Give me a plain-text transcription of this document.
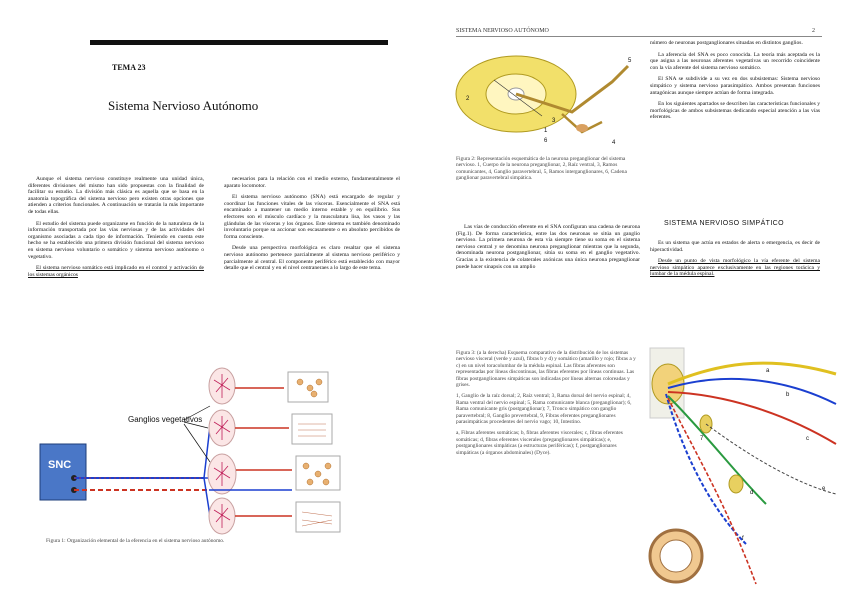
TEMA 23
Sistema Nervioso Autónomo

Aunque el sistema nervioso constituye realmente una unidad única, diferentes divisiones del mismo han sido propuestas con la finalidad de facilitar su estudio. La división más clásica es aquella que se basa en la anatomía topográfica del sistema nervioso pero existen otras opciones que atienden a criterios funcionales. A continuación se tratarán la más importante de todas ellas.

El estudio del sistema puede organizarse en función de la naturaleza de la información transportada por las vías nerviosas y de las actividades del organismo asociadas a cada tipo de información. Teniendo en cuenta este hecho se ha establecido una primera división funcional del sistema nervioso en sistema nervioso voluntario o somático y sistema nervioso autónomo o vegetativo.

El sistema nervioso somático está implicado en el control y activación de los sistemas orgánicos

necesarios para la relación con el medio externo, fundamentalmente el aparato locomotor.

El sistema nervioso autónomo (SNA) está encargado de regular y coordinar las funciones vitales de las vísceras. Esencialmente el SNA está encaminado a mantener un medio interno estable y en equilibrio. Sus efectores son el músculo cardíaco y la musculatura lisa, los vasos y las glándulas de las vísceras y los órganos. Este sistema es también denominado involuntario porque su accionar son escasamente o en absoluto percibidos de forma consciente.

Desde una perspectiva morfológica es claro resaltar que el sistema nervioso autónomo pertenece parcialmente al sistema nervioso periférico y parcialmente al central. El componente periférico está establecido con mayor detalle que el central y en el nivel centraneraes a lo largo de este tema.

SNC
Ganglios vegetativos
Figura 1: Organización elemental de la eferencia en el sistema nervioso autónomo.
SISTEMA NERVIOSO AUTÓNOMO	2
5
2
3
1
6	4
Figura 2: Representación esquemática de la neurona preganglionar del sistema nervioso. 1, Cuerpo de la neurona preganglionar, 2, Raíz ventral, 3, Ramos comunicantes, 4, Ganglio paravertebral, 5, Ramos interganglionares, 6, Cadena ganglionar paravertebral simpática.

Las vías de conducción eferente en el SNA configuran una cadena de neurona (Fig.1). De forma característica, entre las dos neuronas se sitúa un ganglio nervioso. La primera neurona de esta vía siempre tiene su soma en el sistema nervioso central y se denomina neurona preganglionar mientras que la segunda, denominada neurona postganglionar, sitúa su soma en el ganglio vegetativo. Gracias a la existencia de colaterales axónicas una única neurona preganglionar puede hacer sinapsis con un amplio

Figura 3: (a la derecha) Esquema comparativo de la distribución de los sistemas nervioso visceral (verde y azul), fibras b y d) y somático (amarillo y rojo; fibras a y c) en un nivel toracolumbar de la médula espinal. Las fibras aferentes son representadas por líneas discontinuas, las fibras eferentes por líneas continuas. Las fibras postganglionares simpáticas son indicadas por líneas alternas coloreadas y grises.

1, Ganglio de la raíz dorsal; 2, Raíz ventral; 3, Rama dorsal del nervio espinal; 4, Rama ventral del nervio espinal; 5, Rama comunicante blanca (preganglionar); 6, Rama comunicante gris (postganglionar); 7, Tronco simpático con ganglio paravertebral; 8, Ganglio prevertebral, 9, Fibras eferentes preganglionares parasimpáticas procedentes del nervio vago; 10, Intestino.

a, Fibras aferentes somáticas; b, fibras aferentes viscerales; c, fibras eferentes somáticas; d, fibras eferentes viscerales (preganglionares simpáticas); e, postganglionares simpáticas (a estructuras periféricas); f, postganglionares simpáticas (a órganos abdominales) (Dyce).

número de neuronas postganglionares situadas en distintos ganglios.

La aferencia del SNA es poco conocida. La teoría más aceptada es la que asigna a las neuronas aferentes vegetativas un recorrido coincidente con la vía aferente del sistema nervioso somático.

El SNA se subdivide a su vez en dos subsistemas: Sistema nervioso simpático y sistema nervioso parasimpático. Ambos presentan funciones antagónicas aunque siempre actúan de forma integrada.

En los siguientes apartados se describen las características funcionales y morfológicas de ambos subsistemas dedicando especial atención a las vías eferentes.

SISTEMA NERVIOSO SIMPÁTICO

Es un sistema que actúa en estados de alerta o emergencia, es decir de hiperactividad.

Desde un punto de vista morfológico la vía eferente del sistema nervioso simpático aparece exclusivamente en las regiones torácica y lumbar de la médula espinal.

a
b
c
d
e
f
7
